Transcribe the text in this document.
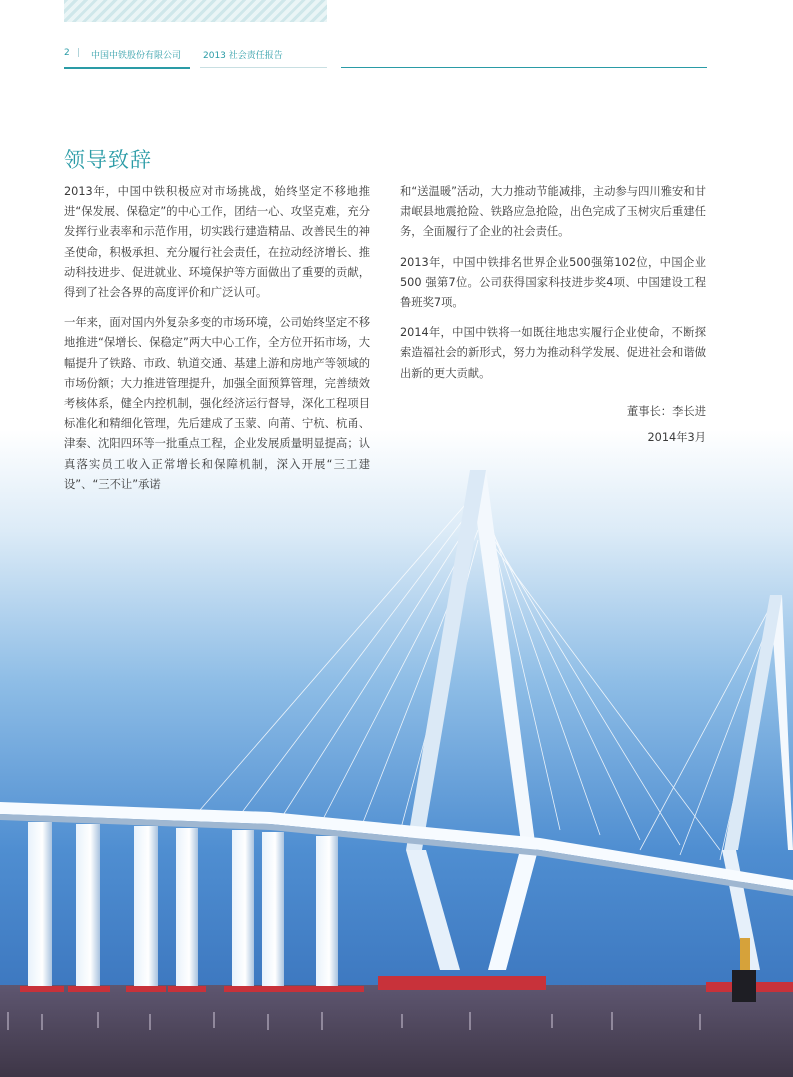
2 | 中国中铁股份有限公司 2013 社会责任报告
领导致辞

2013年，中国中铁积极应对市场挑战，始终坚定不移地推进“保发展、保稳定”的中心工作，团结一心、攻坚克难，充分发挥行业表率和示范作用，切实践行建造精品、改善民生的神圣使命，积极承担、充分履行社会责任，在拉动经济增长、推动科技进步、促进就业、环境保护等方面做出了重要的贡献，得到了社会各界的高度评价和广泛认可。

一年来，面对国内外复杂多变的市场环境，公司始终坚定不移地推进“保增长、保稳定”两大中心工作，全方位开拓市场，大幅提升了铁路、市政、轨道交通、基建上游和房地产等领域的市场份额；大力推进管理提升，加强全面预算管理，完善绩效考核体系，健全内控机制，强化经济运行督导，深化工程项目标准化和精细化管理，先后建成了玉蒙、向莆、宁杭、杭甬、津秦、沈阳四环等一批重点工程，企业发展质量明显提高；认真落实员工收入正常增长和保障机制，深入开展“三工建设”、“三不让”承诺

和“送温暖”活动，大力推动节能减排，主动参与四川雅安和甘肃岷县地震抢险、铁路应急抢险，出色完成了玉树灾后重建任务，全面履行了企业的社会责任。

2013年，中国中铁排名世界企业500强第102位，中国企业500 强第7位。公司获得国家科技进步奖4项、中国建设工程鲁班奖7项。

2014年，中国中铁将一如既往地忠实履行企业使命，不断探索造福社会的新形式，努力为推动科学发展、促进社会和谐做出新的更大贡献。

董事长：李长进
2014年3月
